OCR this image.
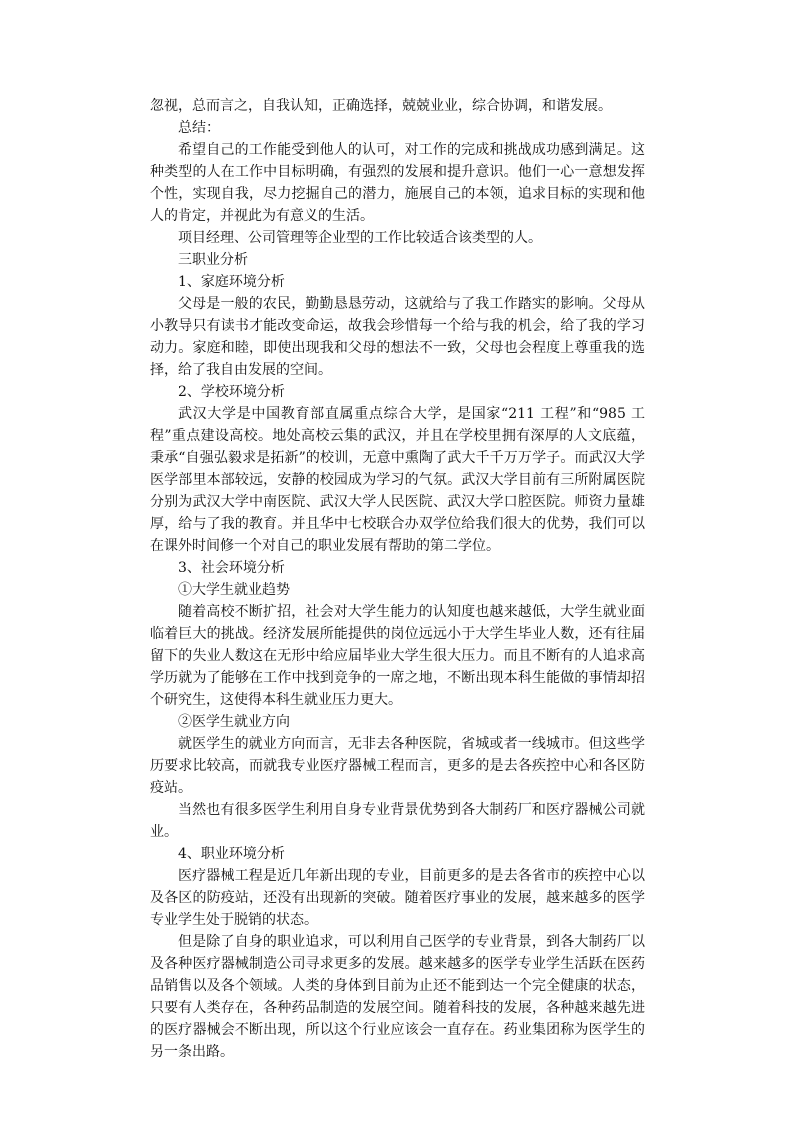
忽视，总而言之，自我认知，正确选择，兢兢业业，综合协调，和谐发展。

总结：

希望自己的工作能受到他人的认可，对工作的完成和挑战成功感到满足。这种类型的人在工作中目标明确，有强烈的发展和提升意识。他们一心一意想发挥个性，实现自我，尽力挖掘自己的潜力，施展自己的本领，追求目标的实现和他人的肯定，并视此为有意义的生活。

项目经理、公司管理等企业型的工作比较适合该类型的人。

三职业分析

1、家庭环境分析

父母是一般的农民，勤勤恳恳劳动，这就给与了我工作踏实的影响。父母从小教导只有读书才能改变命运，故我会珍惜每一个给与我的机会，给了我的学习动力。家庭和睦，即使出现我和父母的想法不一致，父母也会程度上尊重我的选择，给了我自由发展的空间。

2、学校环境分析

武汉大学是中国教育部直属重点综合大学，是国家“211 工程”和“985 工程”重点建设高校。地处高校云集的武汉，并且在学校里拥有深厚的人文底蕴，秉承“自强弘毅求是拓新”的校训，无意中熏陶了武大千千万万学子。而武汉大学医学部里本部较远，安静的校园成为学习的气氛。武汉大学目前有三所附属医院分别为武汉大学中南医院、武汉大学人民医院、武汉大学口腔医院。师资力量雄厚，给与了我的教育。并且华中七校联合办双学位给我们很大的优势，我们可以在课外时间修一个对自己的职业发展有帮助的第二学位。

3、社会环境分析

①大学生就业趋势

随着高校不断扩招，社会对大学生能力的认知度也越来越低，大学生就业面临着巨大的挑战。经济发展所能提供的岗位远远小于大学生毕业人数，还有往届留下的失业人数这在无形中给应届毕业大学生很大压力。而且不断有的人追求高学历就为了能够在工作中找到竞争的一席之地，不断出现本科生能做的事情却招个研究生，这使得本科生就业压力更大。

②医学生就业方向

就医学生的就业方向而言，无非去各种医院，省城或者一线城市。但这些学历要求比较高，而就我专业医疗器械工程而言，更多的是去各疾控中心和各区防疫站。

当然也有很多医学生利用自身专业背景优势到各大制药厂和医疗器械公司就业。

4、职业环境分析

医疗器械工程是近几年新出现的专业，目前更多的是去各省市的疾控中心以及各区的防疫站，还没有出现新的突破。随着医疗事业的发展，越来越多的医学专业学生处于脱销的状态。

但是除了自身的职业追求，可以利用自己医学的专业背景，到各大制药厂以及各种医疗器械制造公司寻求更多的发展。越来越多的医学专业学生活跃在医药品销售以及各个领域。人类的身体到目前为止还不能到达一个完全健康的状态，只要有人类存在，各种药品制造的发展空间。随着科技的发展，各种越来越先进的医疗器械会不断出现，所以这个行业应该会一直存在。药业集团称为医学生的另一条出路。
